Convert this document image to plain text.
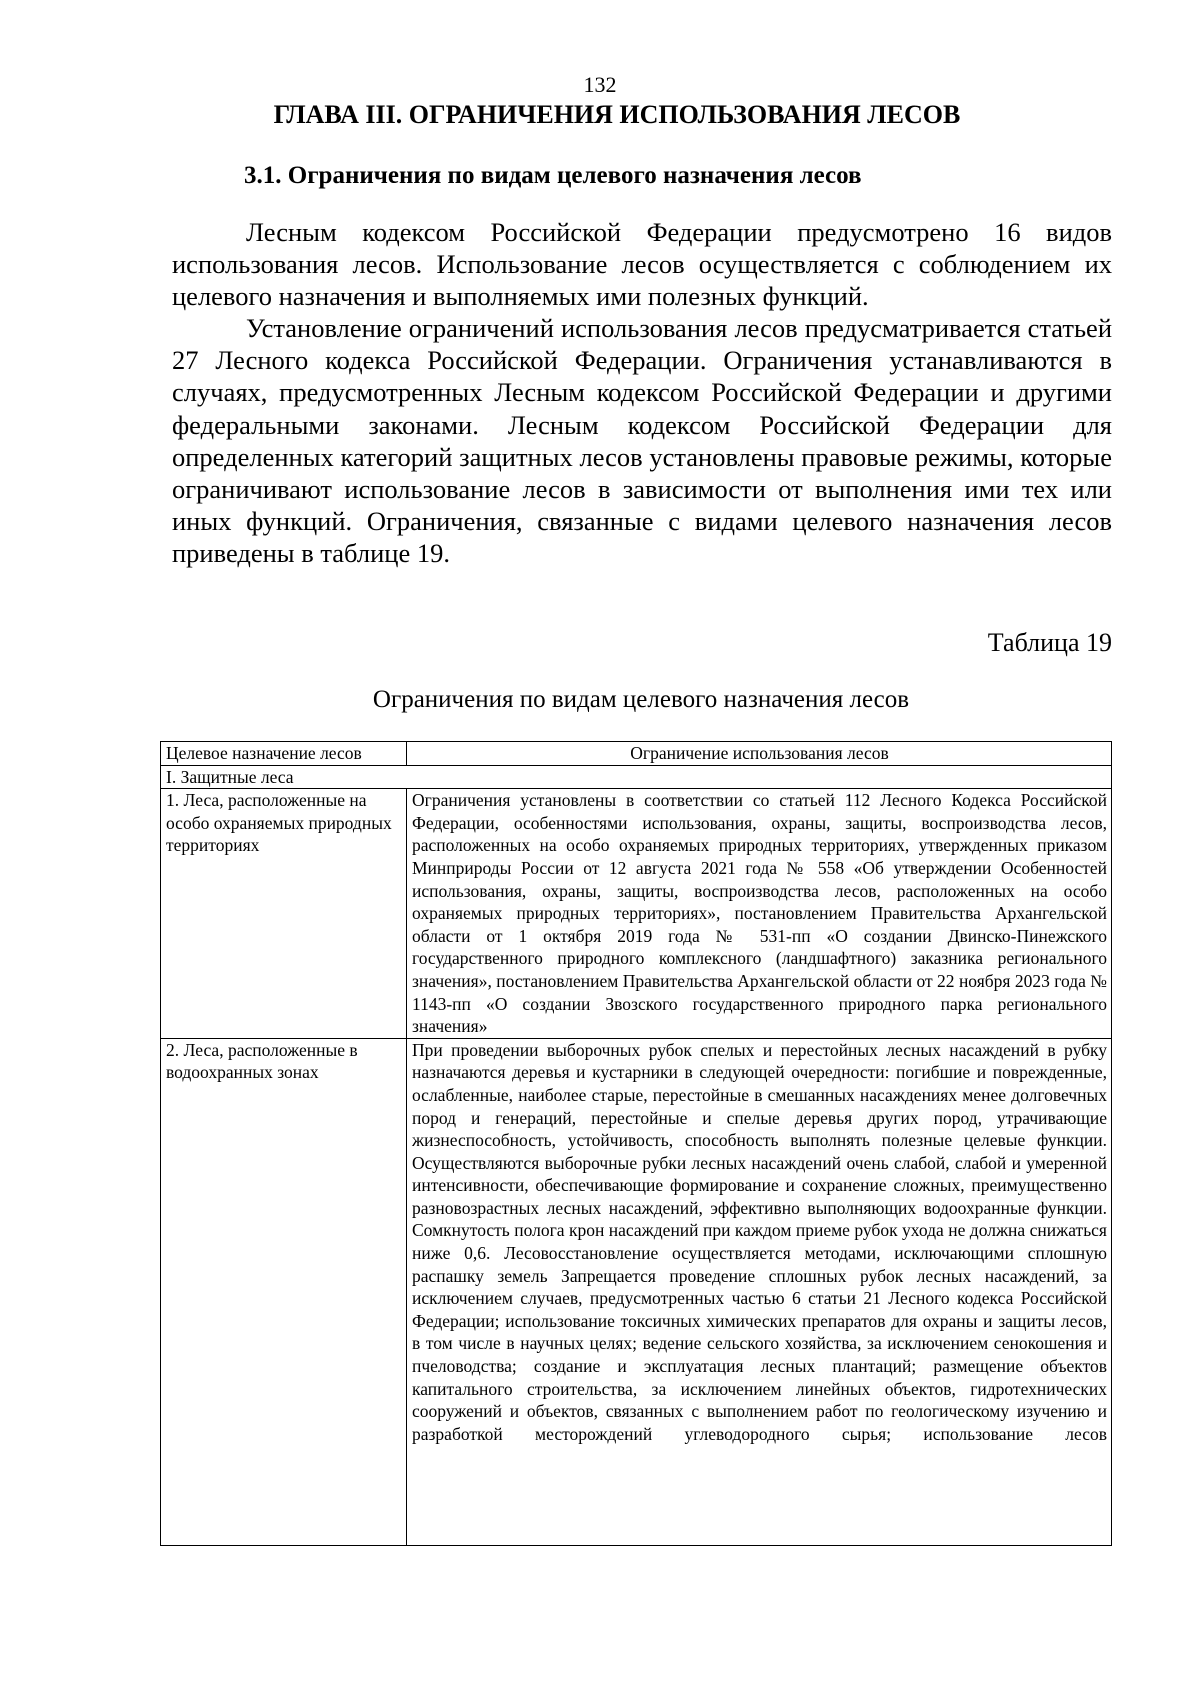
132
ГЛАВА III. ОГРАНИЧЕНИЯ ИСПОЛЬЗОВАНИЯ ЛЕСОВ
3.1. Ограничения по видам целевого назначения лесов

Лесным кодексом Российской Федерации предусмотрено 16 видов использования лесов. Использование лесов осуществляется с соблюдением их целевого назначения и выполняемых ими полезных функций.

Установление ограничений использования лесов предусматривается статьей 27 Лесного кодекса Российской Федерации. Ограничения устанавливаются в случаях, предусмотренных Лесным кодексом Российской Федерации и другими федеральными законами. Лесным кодексом Российской Федерации для определенных категорий защитных лесов установлены правовые режимы, которые ограничивают использование лесов в зависимости от выполнения ими тех или иных функций. Ограничения, связанные с видами целевого назначения лесов приведены в таблице 19.

Таблица 19
Ограничения по видам целевого назначения лесов
Целевое назначение лесов	Ограничение использования лесов
I. Защитные леса	
1. Леса, расположенные на особо охраняемых природных территориях	Ограничения установлены в соответствии со статьей 112 Лесного Кодекса Российской Федерации, особенностями использования, охраны, защиты, воспроизводства лесов, расположенных на особо охраняемых природных территориях, утвержденных приказом Минприроды России от 12 августа 2021 года № 558 «Об утверждении Особенностей использования, охраны, защиты, воспроизводства лесов, расположенных на особо охраняемых природных территориях», постановлением Правительства Архангельской области от 1 октября 2019 года № 531-пп «О создании Двинско-Пинежского государственного природного комплексного (ландшафтного) заказника регионального значения», постановлением Правительства Архангельской области от 22 ноября 2023 года № 1143-пп «О создании Звозского государственного природного парка регионального значения»
2. Леса, расположенные в водоохранных зонах	При проведении выборочных рубок спелых и перестойных лесных насаждений в рубку назначаются деревья и кустарники в следующей очередности: погибшие и поврежденные, ослабленные, наиболее старые, перестойные в смешанных насаждениях менее долговечных пород и генераций, перестойные и спелые деревья других пород, утрачивающие жизнеспособность, устойчивость, способность выполнять полезные целевые функции. Осуществляются выборочные рубки лесных насаждений очень слабой, слабой и умеренной интенсивности, обеспечивающие формирование и сохранение сложных, преимущественно разновозрастных лесных насаждений, эффективно выполняющих водоохранные функции. Сомкнутость полога крон насаждений при каждом приеме рубок ухода не должна снижаться ниже 0,6. Лесовосстановление осуществляется методами, исключающими сплошную распашку земель Запрещается проведение сплошных рубок лесных насаждений, за исключением случаев, предусмотренных частью 6 статьи 21 Лесного кодекса Российской Федерации; использование токсичных химических препаратов для охраны и защиты лесов, в том числе в научных целях; ведение сельского хозяйства, за исключением сенокошения и пчеловодства; создание и эксплуатация лесных плантаций; размещение объектов капитального строительства, за исключением линейных объектов, гидротехнических сооружений и объектов, связанных с выполнением работ по геологическому изучению и разработкой месторождений углеводородного сырья; использование лесов
